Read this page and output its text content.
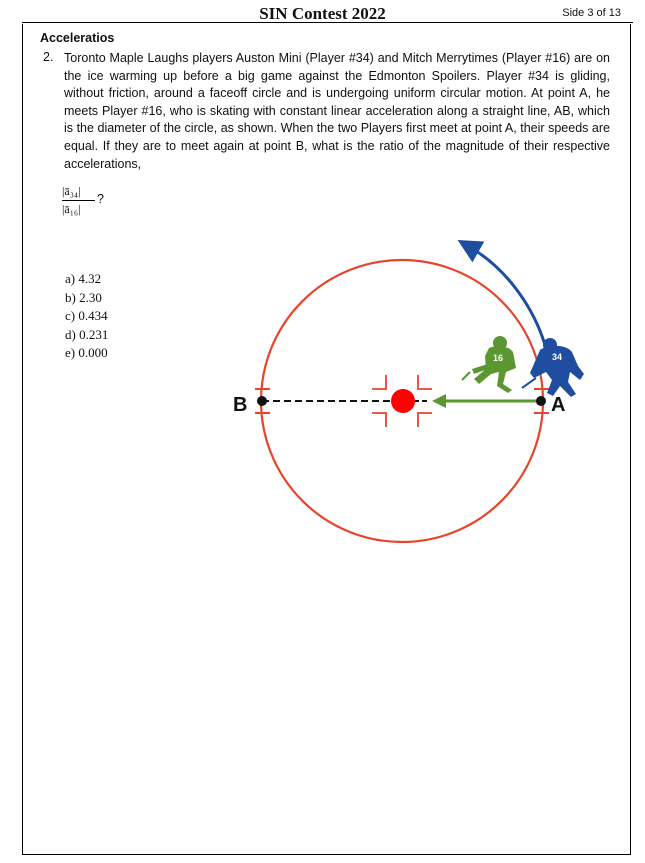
SIN Contest 2022	Side 3 of 13
Acceleratios
2. Toronto Maple Laughs players Auston Mini (Player #34) and Mitch Merrytimes (Player #16) are on the ice warming up before a big game against the Edmonton Spoilers. Player #34 is gliding, without friction, around a faceoff circle and is undergoing uniform circular motion. At point A, he meets Player #16, who is skating with constant linear acceleration along a straight line, AB, which is the diameter of the circle, as shown. When the two Players first meet at point A, their speeds are equal. If they are to meet again at point B, what is the ratio of the magnitude of their respective accelerations,

|ā₃₄|
|ā₁₆|
?
a) 4.32
b) 2.30
c) 0.434
d) 0.231
e) 0.000
B	A
16	34
